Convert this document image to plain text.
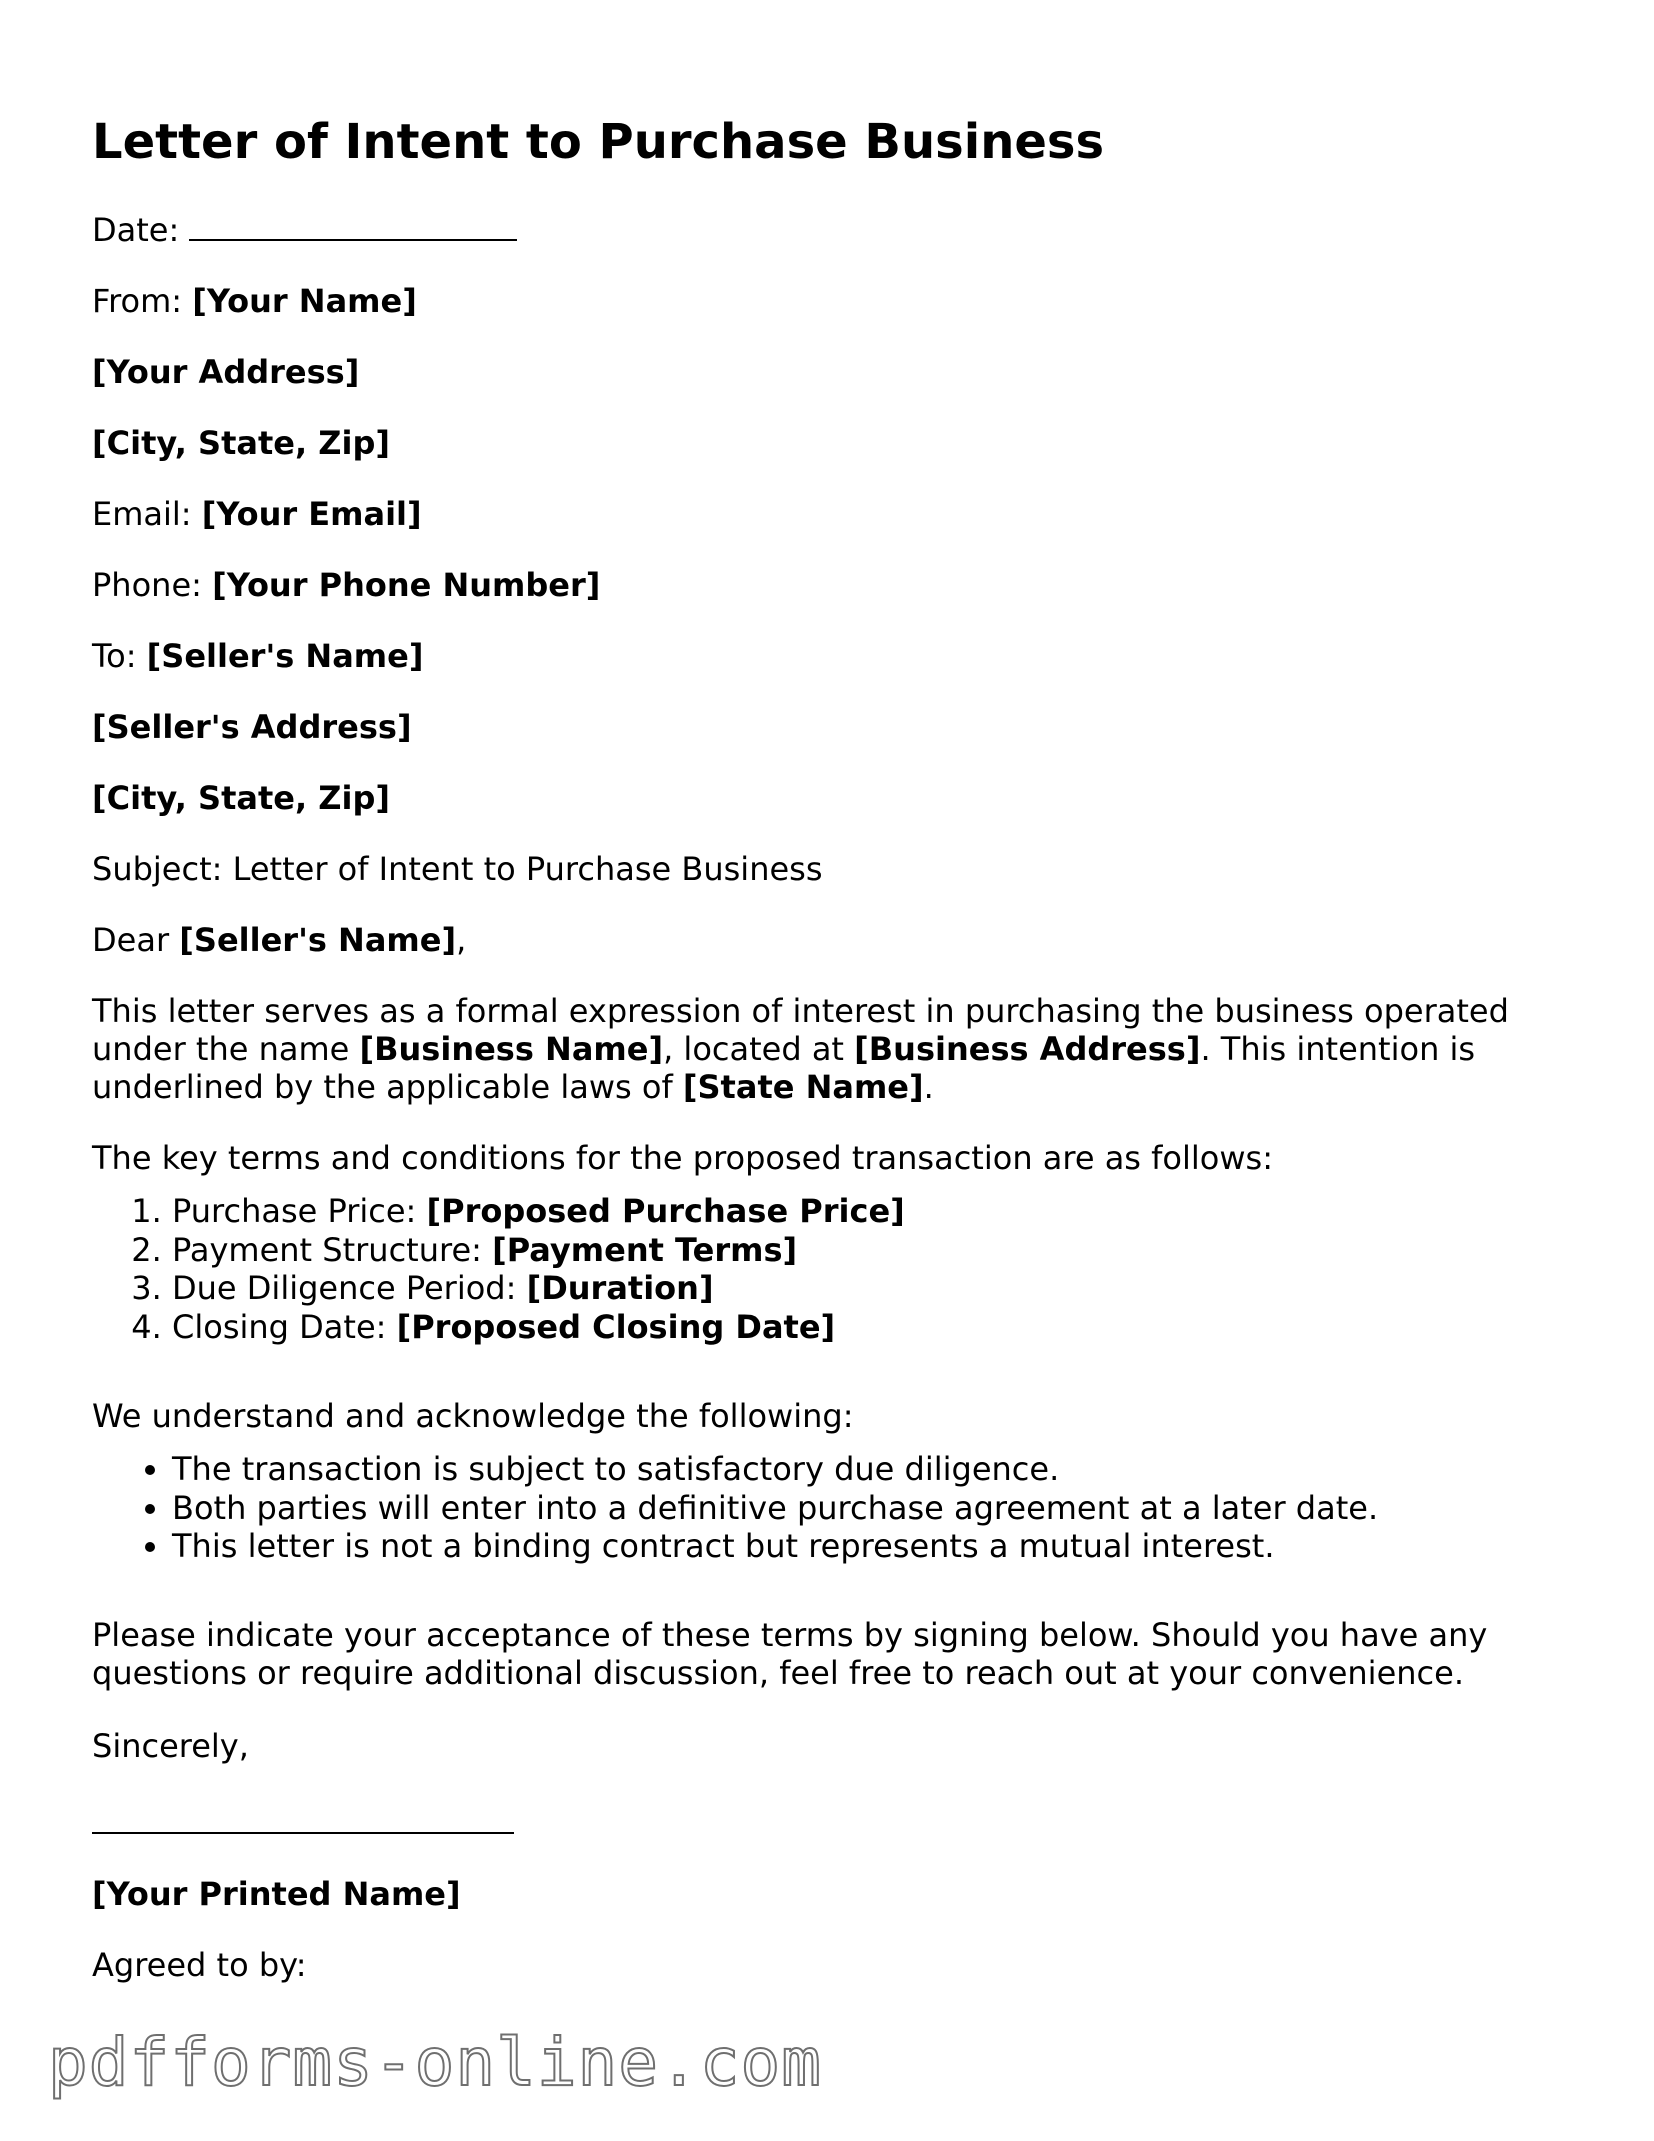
Letter of Intent to Purchase Business

Date:

From: [Your Name]

[Your Address]

[City, State, Zip]

Email: [Your Email]

Phone: [Your Phone Number]

To: [Seller's Name]

[Seller's Address]

[City, State, Zip]

Subject: Letter of Intent to Purchase Business

Dear [Seller's Name],

This letter serves as a formal expression of interest in purchasing the business operated under the name [Business Name], located at [Business Address]. This intention is underlined by the applicable laws of [State Name].

The key terms and conditions for the proposed transaction are as follows:

1. Purchase Price: [Proposed Purchase Price]
2. Payment Structure: [Payment Terms]
3. Due Diligence Period: [Duration]
4. Closing Date: [Proposed Closing Date]

We understand and acknowledge the following:

• The transaction is subject to satisfactory due diligence.
• Both parties will enter into a definitive purchase agreement at a later date.
• This letter is not a binding contract but represents a mutual interest.

Please indicate your acceptance of these terms by signing below. Should you have any questions or require additional discussion, feel free to reach out at your convenience.

Sincerely,

[Your Printed Name]

Agreed to by:

pdfforms-online.com
